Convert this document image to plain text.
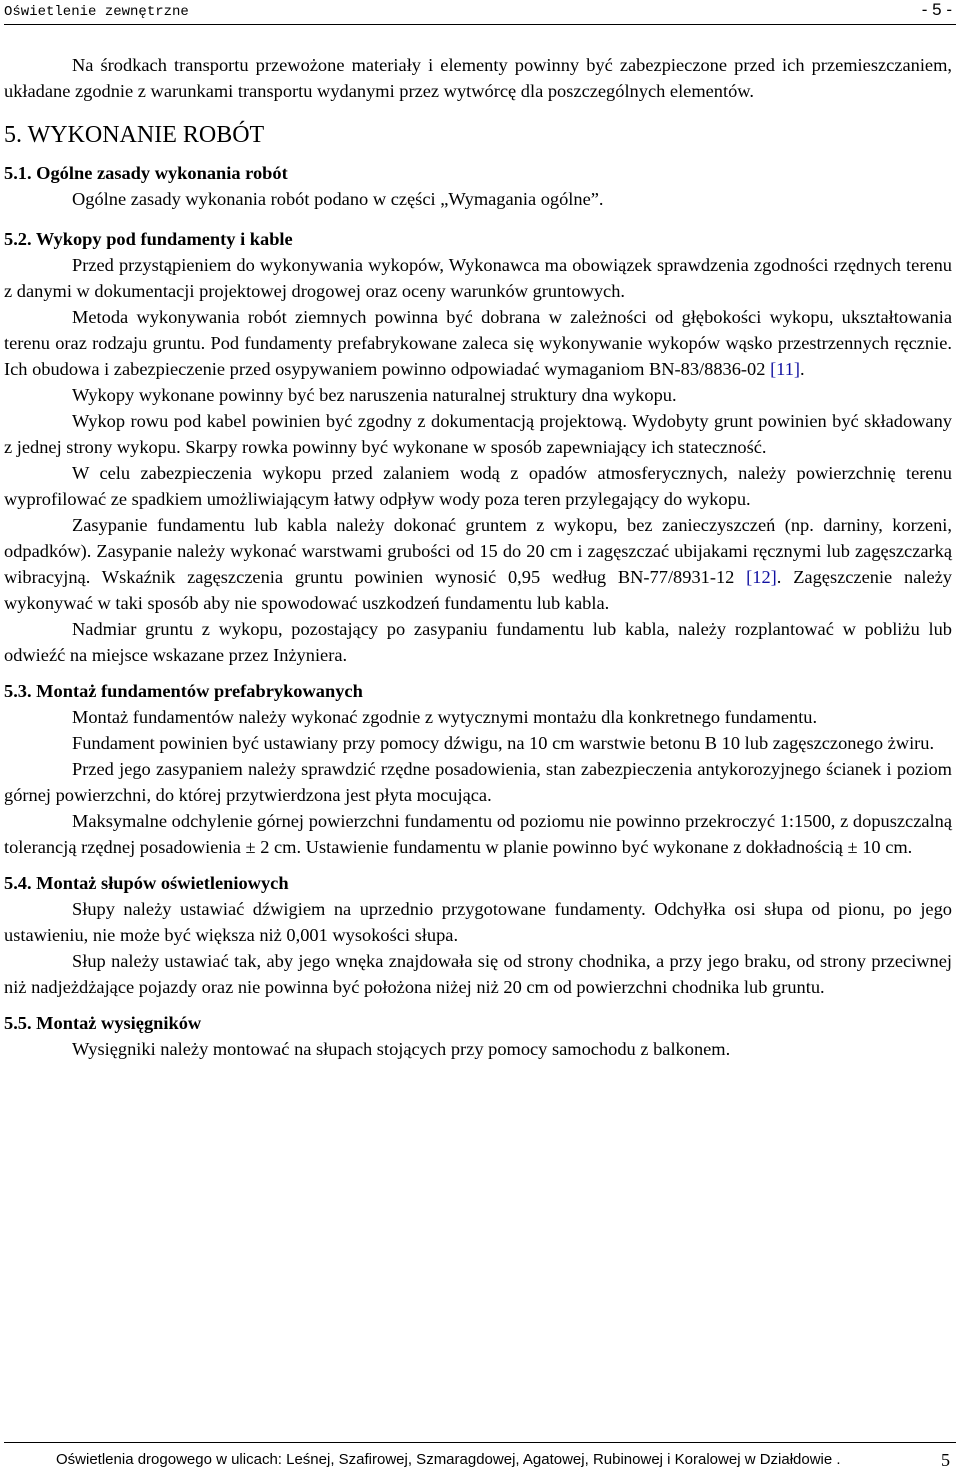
Oświetlenie zewnętrzne	- 5 -

Na środkach transportu przewożone materiały i elementy powinny być zabezpieczone przed ich przemieszczaniem, układane zgodnie z warunkami transportu wydanymi przez wytwórcę dla poszczególnych elementów.

5. WYKONANIE ROBÓT
5.1. Ogólne zasady wykonania robót

Ogólne zasady wykonania robót podano w części „Wymagania ogólne”.

5.2. Wykopy pod fundamenty i kable

Przed przystąpieniem do wykonywania wykopów, Wykonawca ma obowiązek sprawdzenia zgodności rzędnych terenu z danymi w dokumentacji projektowej drogowej oraz oceny warunków gruntowych.

Metoda wykonywania robót ziemnych powinna być dobrana w zależności od głębokości wykopu, ukształtowania terenu oraz rodzaju gruntu. Pod fundamenty prefabrykowane zaleca się wykonywanie wykopów wąsko przestrzennych ręcznie. Ich obudowa i zabezpieczenie przed osypywaniem powinno odpowiadać wymaganiom BN-83/8836-02 [11].

Wykopy wykonane powinny być bez naruszenia naturalnej struktury dna wykopu.

Wykop rowu pod kabel powinien być zgodny z dokumentacją projektową. Wydobyty grunt powinien być składowany z jednej strony wykopu. Skarpy rowka powinny być wykonane w sposób zapewniający ich stateczność.

W celu zabezpieczenia wykopu przed zalaniem wodą z opadów atmosferycznych, należy powierzchnię terenu wyprofilować ze spadkiem umożliwiającym łatwy odpływ wody poza teren przylegający do wykopu.

Zasypanie fundamentu lub kabla należy dokonać gruntem z wykopu, bez zanieczyszczeń (np. darniny, korzeni, odpadków). Zasypanie należy wykonać warstwami grubości od 15 do 20 cm i zagęszczać ubijakami ręcznymi lub zagęszczarką wibracyjną. Wskaźnik zagęszczenia gruntu powinien wynosić 0,95 według BN-77/8931-12 [12]. Zagęszczenie należy wykonywać w taki sposób aby nie spowodować uszkodzeń fundamentu lub kabla.

Nadmiar gruntu z wykopu, pozostający po zasypaniu fundamentu lub kabla, należy rozplantować w pobliżu lub odwieźć na miejsce wskazane przez Inżyniera.

5.3. Montaż fundamentów prefabrykowanych

Montaż fundamentów należy wykonać zgodnie z wytycznymi montażu dla konkretnego fundamentu.

Fundament powinien być ustawiany przy pomocy dźwigu, na 10 cm warstwie betonu B 10 lub zagęszczonego żwiru.

Przed jego zasypaniem należy sprawdzić rzędne posadowienia, stan zabezpieczenia antykorozyjnego ścianek i poziom górnej powierzchni, do której przytwierdzona jest płyta mocująca.

Maksymalne odchylenie górnej powierzchni fundamentu od poziomu nie powinno przekroczyć 1:1500, z dopuszczalną tolerancją rzędnej posadowienia ± 2 cm. Ustawienie fundamentu w planie powinno być wykonane z dokładnością ± 10 cm.

5.4. Montaż słupów oświetleniowych

Słupy należy ustawiać dźwigiem na uprzednio przygotowane fundamenty. Odchyłka osi słupa od pionu, po jego ustawieniu, nie może być większa niż 0,001 wysokości słupa.

Słup należy ustawiać tak, aby jego wnęka znajdowała się od strony chodnika, a przy jego braku, od strony przeciwnej niż nadjeżdżające pojazdy oraz nie powinna być położona niżej niż 20 cm od powierzchni chodnika lub gruntu.

5.5. Montaż wysięgników

Wysięgniki należy montować na słupach stojących przy pomocy samochodu z balkonem.

Oświetlenia drogowego w ulicach: Leśnej, Szafirowej, Szmaragdowej, Agatowej, Rubinowej i Koralowej w Działdowie .	5
